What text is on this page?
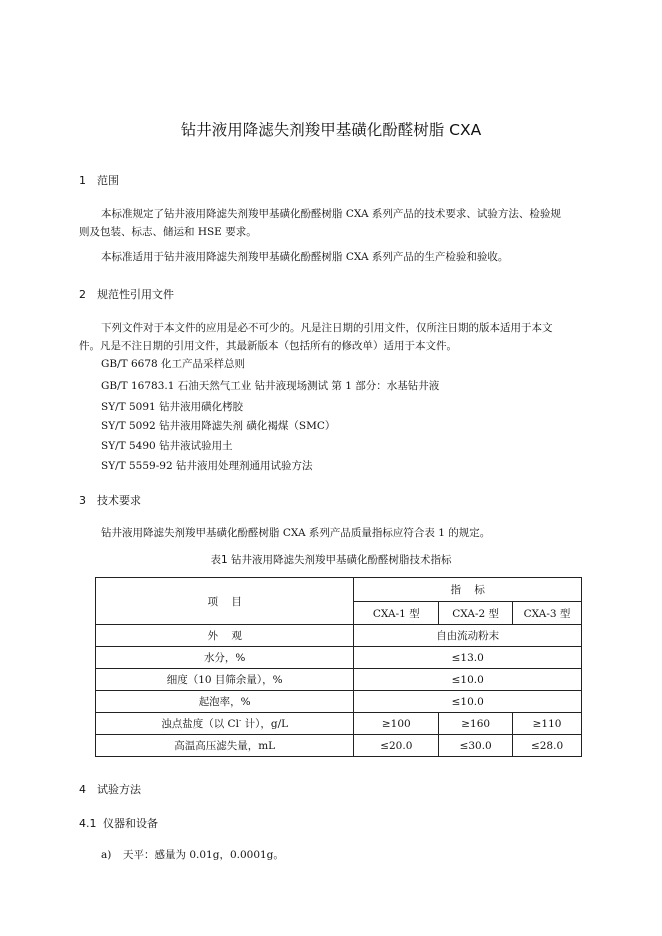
钻井液用降滤失剂羧甲基磺化酚醛树脂 CXA
1 范围
本标准规定了钻井液用降滤失剂羧甲基磺化酚醛树脂 CXA 系列产品的技术要求、试验方法、检验规
则及包装、标志、储运和 HSE 要求。
本标准适用于钻井液用降滤失剂羧甲基磺化酚醛树脂 CXA 系列产品的生产检验和验收。
2 规范性引用文件
下列文件对于本文件的应用是必不可少的。凡是注日期的引用文件，仅所注日期的版本适用于本文
件。凡是不注日期的引用文件，其最新版本（包括所有的修改单）适用于本文件。
GB/T 6678 化工产品采样总则
GB/T 16783.1 石油天然气工业 钻井液现场测试 第 1 部分：水基钻井液
SY/T 5091 钻井液用磺化栲胶
SY/T 5092 钻井液用降滤失剂 磺化褐煤（SMC）
SY/T 5490 钻井液试验用土
SY/T 5559-92 钻井液用处理剂通用试验方法
3 技术要求
钻井液用降滤失剂羧甲基磺化酚醛树脂 CXA 系列产品质量指标应符合表 1 的规定。
表1 钻井液用降滤失剂羧甲基磺化酚醛树脂技术指标
项    目	指    标		
	CXA-1 型	CXA-2 型	CXA-3 型
外    观	自由流动粉末		
水分，%	≤13.0		
细度（10 目筛余量），%	≤10.0		
起泡率，%	≤10.0		
浊点盐度（以 Cl- 计），g/L	≥100	≥160	≥110
高温高压滤失量，mL	≤20.0	≤30.0	≤28.0
4 试验方法
4.1 仪器和设备
a) 天平：感量为 0.01g，0.0001g。
